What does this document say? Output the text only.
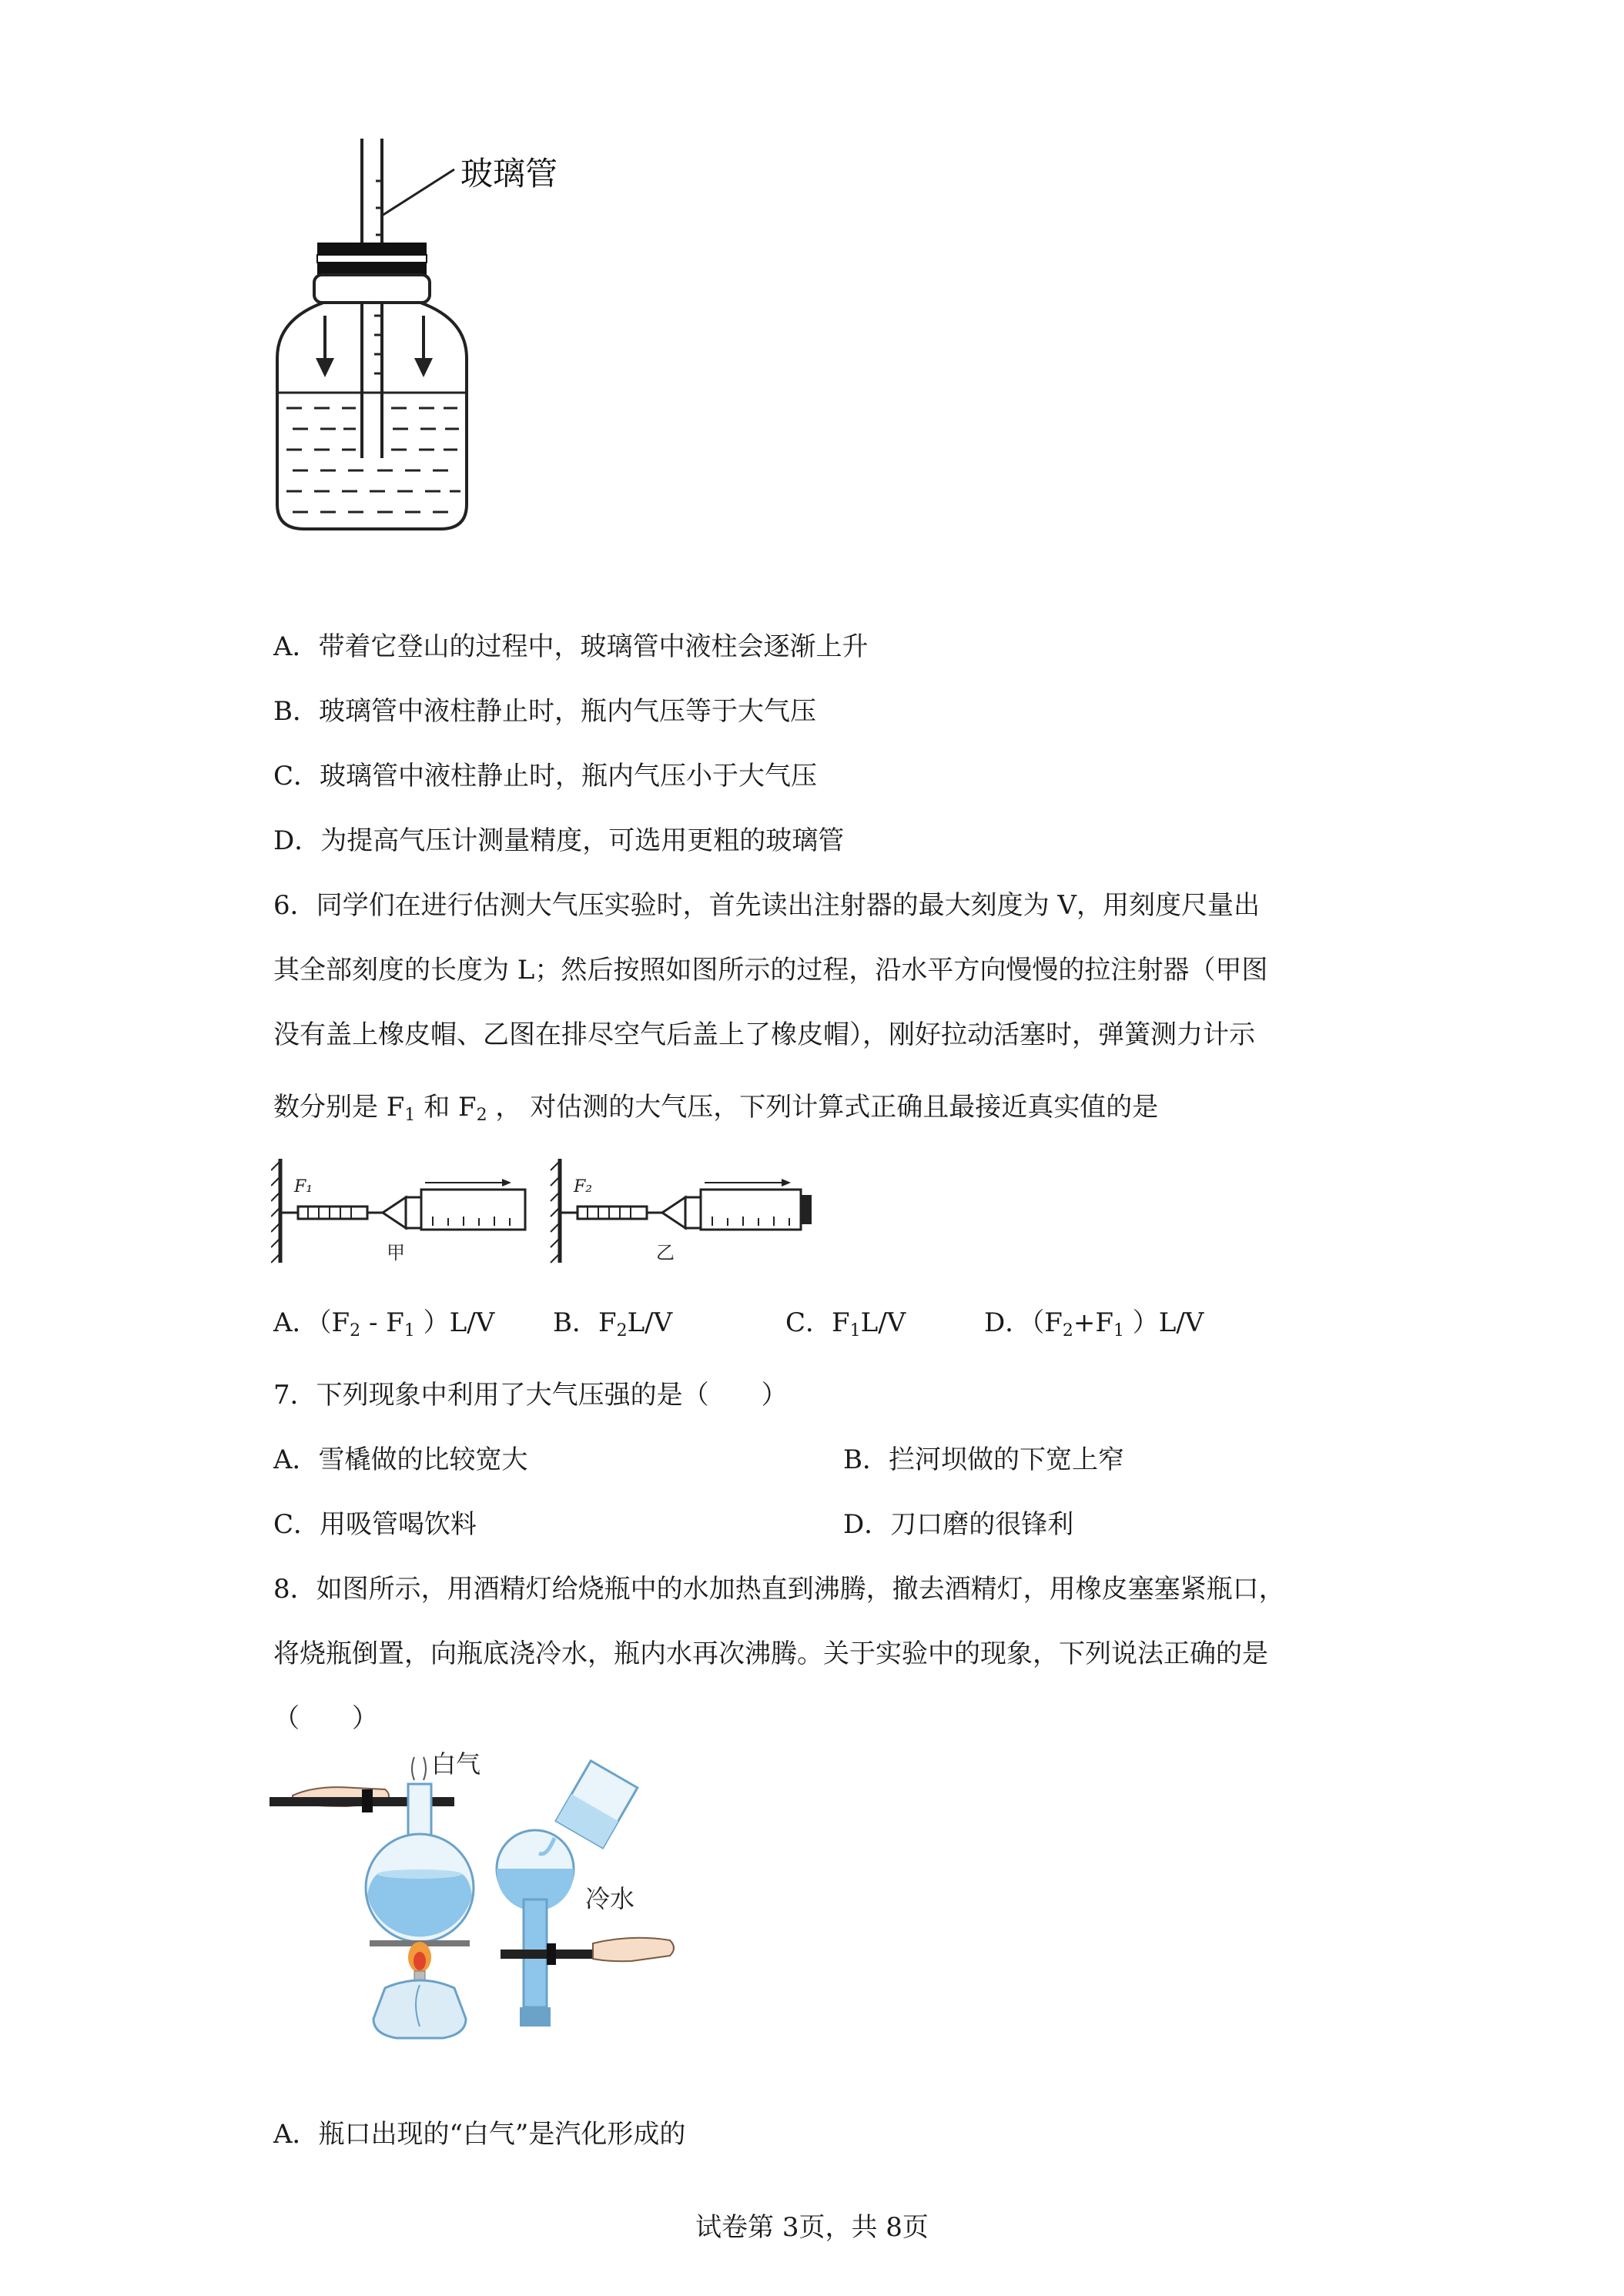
玻璃管
A．带着它登山的过程中，玻璃管中液柱会逐渐上升
B．玻璃管中液柱静止时，瓶内气压等于大气压
C．玻璃管中液柱静止时，瓶内气压小于大气压
D．为提高气压计测量精度，可选用更粗的玻璃管
6．同学们在进行估测大气压实验时，首先读出注射器的最大刻度为 V，用刻度尺量出
其全部刻度的长度为 L；然后按照如图所示的过程，沿水平方向慢慢的拉注射器（甲图
没有盖上橡皮帽、乙图在排尽空气后盖上了橡皮帽），刚好拉动活塞时，弹簧测力计示
数分别是 $F_1$ 和 $F_2$ ， 对估测的大气压，下列计算式正确且最接近真实值的是
F₁
甲
F₂
乙
A．（$F_2 - F_1$ ）L/V B．$F_2L/V$	C．$F_1L/V$	D．（$F_2+F_1$ ）L/V
7．下列现象中利用了大气压强的是（　　）
A．雪橇做的比较宽大	B．拦河坝做的下宽上窄
C．用吸管喝饮料	D．刀口磨的很锋利
8．如图所示，用酒精灯给烧瓶中的水加热直到沸腾，撤去酒精灯，用橡皮塞塞紧瓶口，
将烧瓶倒置，向瓶底浇冷水，瓶内水再次沸腾。关于实验中的现象，下列说法正确的是
（　　）
白气
冷水
A．瓶口出现的“白气”是汽化形成的
试卷第 3页，共 8页
